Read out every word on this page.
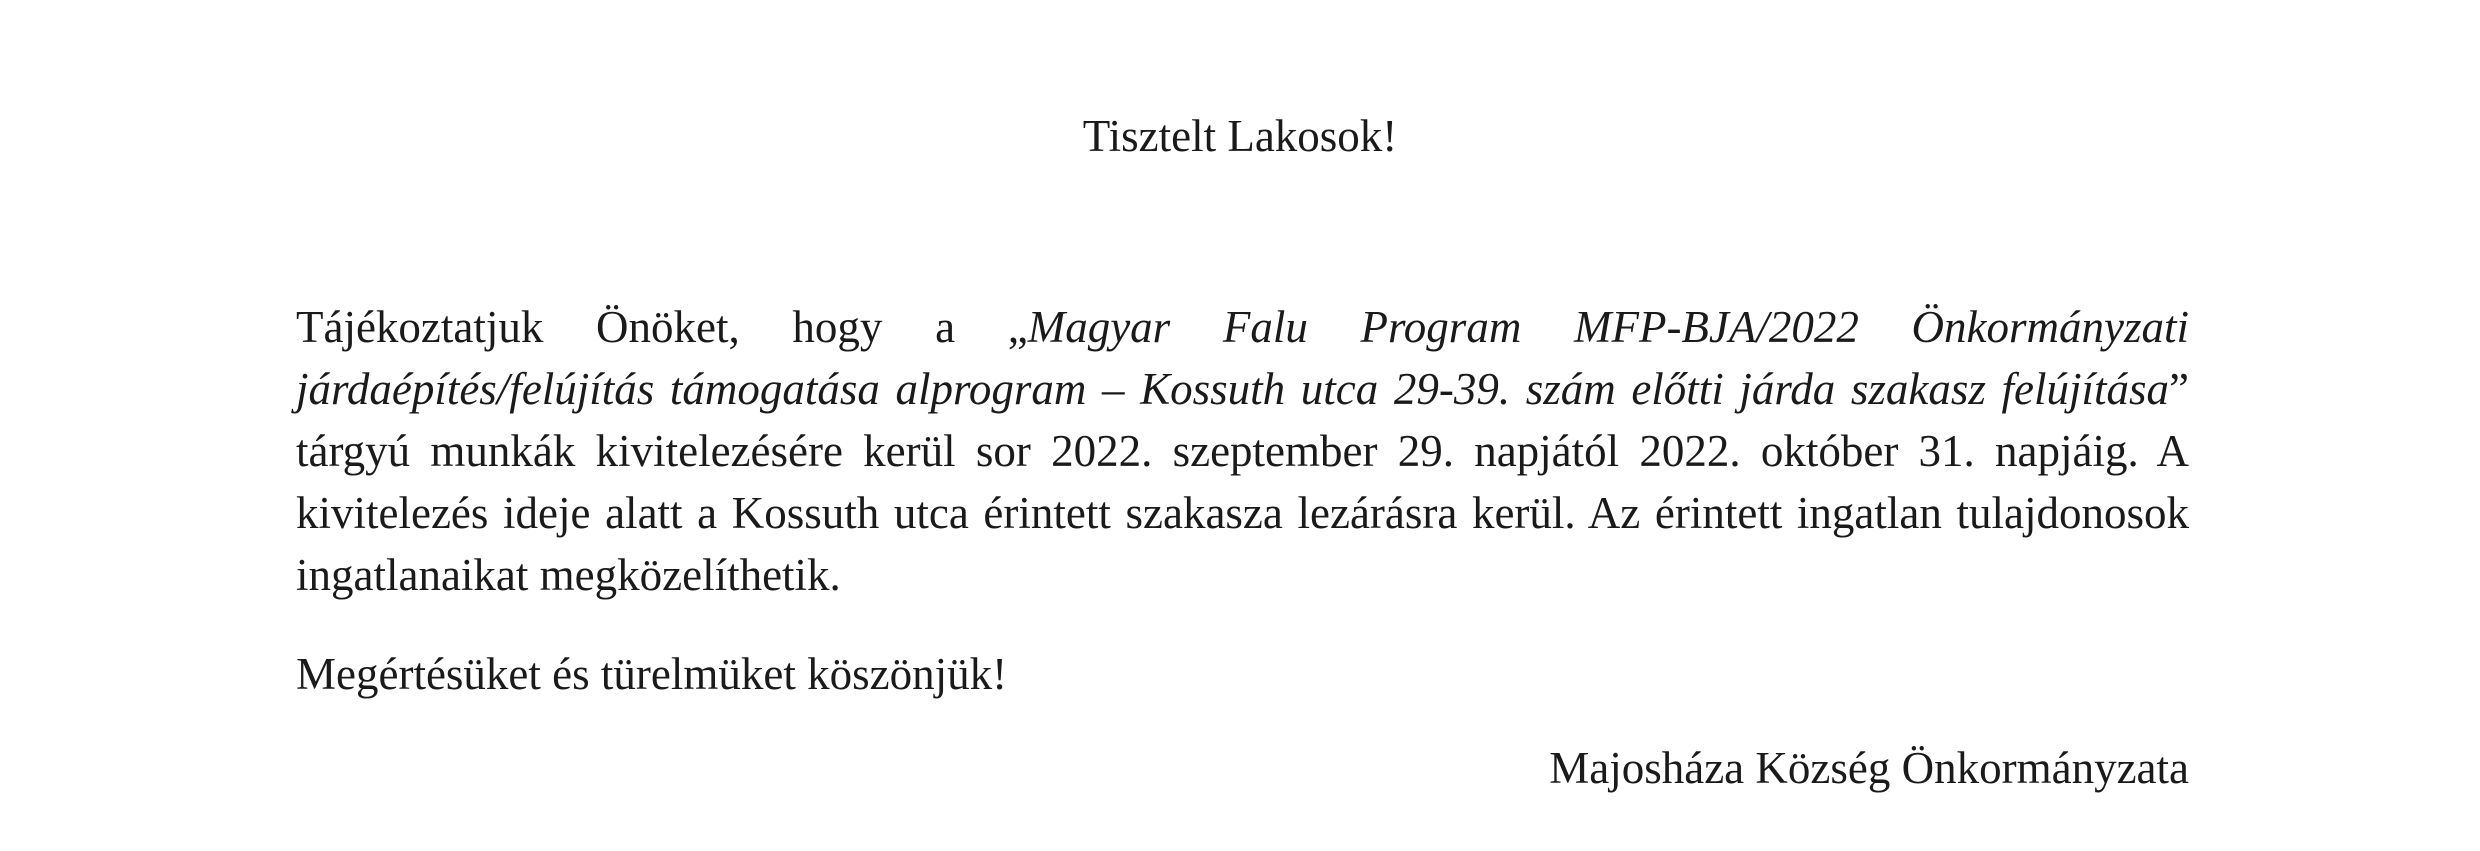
Tisztelt Lakosok!

Tájékoztatjuk Önöket, hogy a „Magyar Falu Program MFP-BJA/2022 Önkormányzati járdaépítés/felújítás támogatása alprogram – Kossuth utca 29-39. szám előtti járda szakasz felújítása” tárgyú munkák kivitelezésére kerül sor 2022. szeptember 29. napjától 2022. október 31. napjáig. A kivitelezés ideje alatt a Kossuth utca érintett szakasza lezárásra kerül. Az érintett ingatlan tulajdonosok ingatlanaikat megközelíthetik.

Megértésüket és türelmüket köszönjük!
Majosháza Község Önkormányzata
